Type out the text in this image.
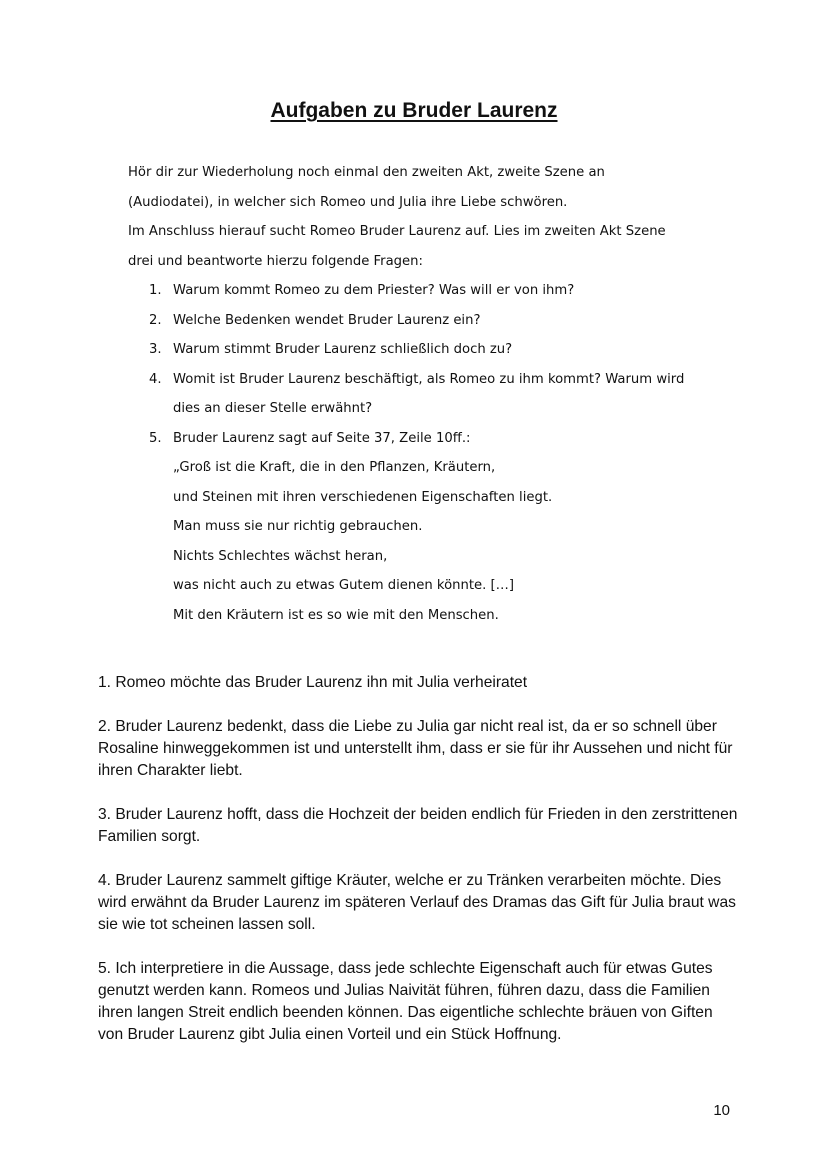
Aufgaben zu Bruder Laurenz

Hör dir zur Wiederholung noch einmal den zweiten Akt, zweite Szene an

(Audiodatei), in welcher sich Romeo und Julia ihre Liebe schwören.

Im Anschluss hierauf sucht Romeo Bruder Laurenz auf. Lies im zweiten Akt Szene

drei und beantworte hierzu folgende Fragen:

1. Warum kommt Romeo zu dem Priester? Was will er von ihm?
2. Welche Bedenken wendet Bruder Laurenz ein?
3. Warum stimmt Bruder Laurenz schließlich doch zu?
4. Womit ist Bruder Laurenz beschäftigt, als Romeo zu ihm kommt? Warum wird
dies an dieser Stelle erwähnt?
5. Bruder Laurenz sagt auf Seite 37, Zeile 10ff.:
„Groß ist die Kraft, die in den Pflanzen, Kräutern,
und Steinen mit ihren verschiedenen Eigenschaften liegt.
Man muss sie nur richtig gebrauchen.
Nichts Schlechtes wächst heran,
was nicht auch zu etwas Gutem dienen könnte. […]
Mit den Kräutern ist es so wie mit den Menschen.

1. Romeo möchte das Bruder Laurenz ihn mit Julia verheiratet

2. Bruder Laurenz bedenkt, dass die Liebe zu Julia gar nicht real ist, da er so schnell über Rosaline hinweggekommen ist und unterstellt ihm, dass er sie für ihr Aussehen und nicht für ihren Charakter liebt.

3. Bruder Laurenz hofft, dass die Hochzeit der beiden endlich für Frieden in den zerstrittenen Familien sorgt.

4. Bruder Laurenz sammelt giftige Kräuter, welche er zu Tränken verarbeiten möchte. Dies wird erwähnt da Bruder Laurenz im späteren Verlauf des Dramas das Gift für Julia braut was sie wie tot scheinen lassen soll.

5. Ich interpretiere in die Aussage, dass jede schlechte Eigenschaft auch für etwas Gutes genutzt werden kann. Romeos und Julias Naivität führen, führen dazu, dass die Familien ihren langen Streit endlich beenden können. Das eigentliche schlechte bräuen von Giften von Bruder Laurenz gibt Julia einen Vorteil und ein Stück Hoffnung.

10
